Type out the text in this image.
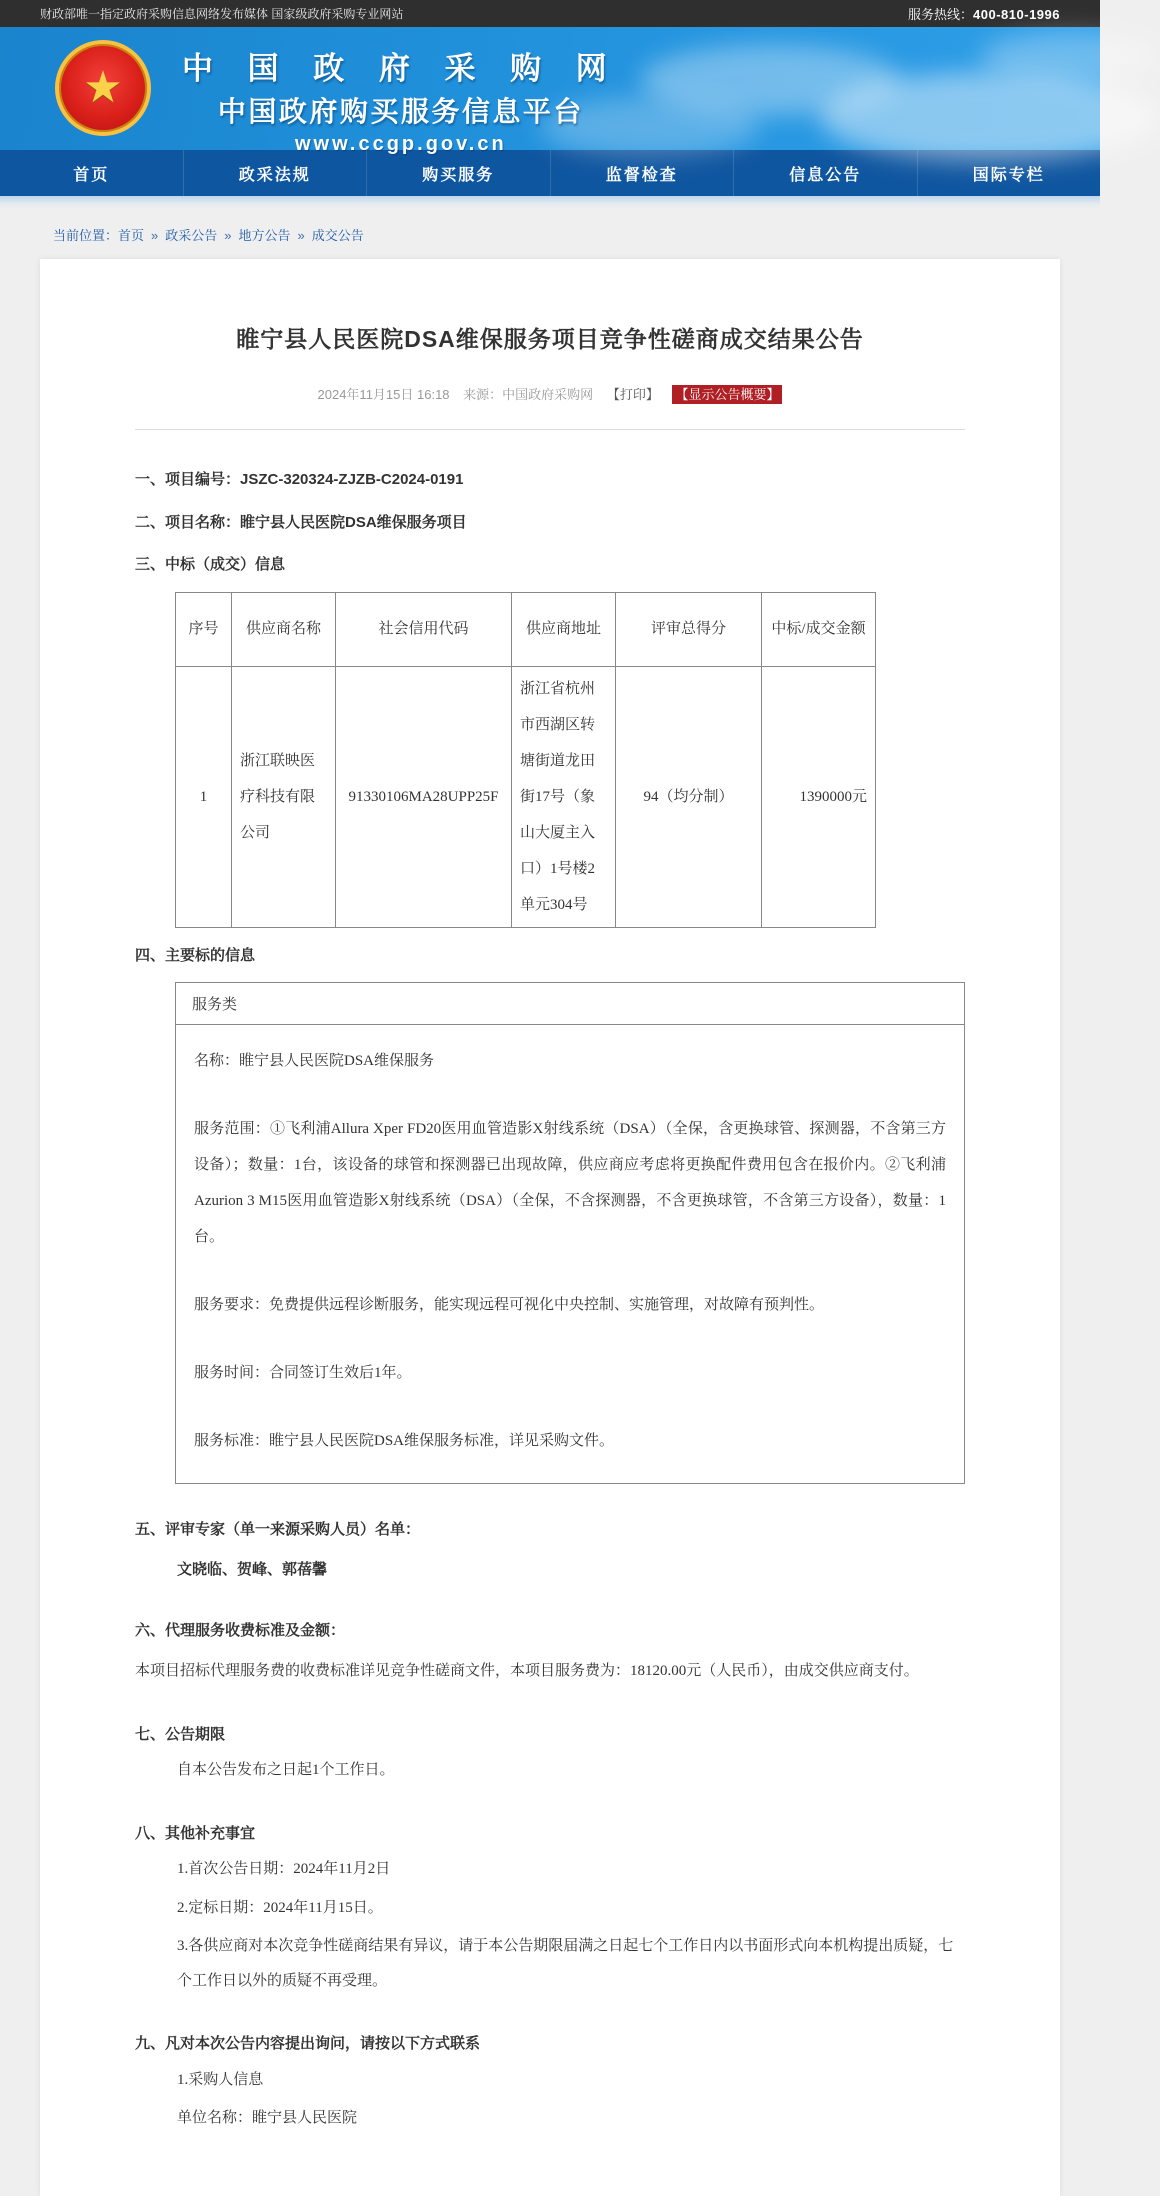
财政部唯一指定政府采购信息网络发布媒体 国家级政府采购专业网站	服务热线：400-810-1996
★ 中 国 政 府 采 购 网
中国政府购买服务信息平台
www.ccgp.gov.cn
首页	政采法规	购买服务	监督检查	信息公告	国际专栏
当前位置：首页 » 政采公告 » 地方公告 » 成交公告
睢宁县人民医院DSA维保服务项目竞争性磋商成交结果公告
2024年11月15日 16:18 来源：中国政府采购网 【打印】 【显示公告概要】

一、项目编号：JSZC-320324-ZJZB-C2024-0191

二、项目名称：睢宁县人民医院DSA维保服务项目

三、中标（成交）信息

序号	供应商名称	社会信用代码	供应商地址	评审总得分	中标/成交金额
1	浙江联映医疗科技有限公司	91330106MA28UPP25F	浙江省杭州市西湖区转塘街道龙田街17号（象山大厦主入口）1号楼2单元304号	94（均分制）	1390000元

四、主要标的信息

服务类

名称：睢宁县人民医院DSA维保服务

服务范围：①飞利浦Allura Xper FD20医用血管造影X射线系统（DSA）（全保，含更换球管、探测器，不含第三方设备）；数量：1台，该设备的球管和探测器已出现故障，供应商应考虑将更换配件费用包含在报价内。②飞利浦Azurion 3 M15医用血管造影X射线系统（DSA）（全保，不含探测器，不含更换球管，不含第三方设备），数量：1台。

服务要求：免费提供远程诊断服务，能实现远程可视化中央控制、实施管理，对故障有预判性。

服务时间：合同签订生效后1年。

服务标准：睢宁县人民医院DSA维保服务标准，详见采购文件。

五、评审专家（单一来源采购人员）名单：

文晓临、贺峰、郭蓓馨

六、代理服务收费标准及金额：

本项目招标代理服务费的收费标准详见竞争性磋商文件，本项目服务费为：18120.00元（人民币），由成交供应商支付。

七、公告期限

自本公告发布之日起1个工作日。

八、其他补充事宜

1.首次公告日期：2024年11月2日

2.定标日期：2024年11月15日。

3.各供应商对本次竞争性磋商结果有异议，请于本公告期限届满之日起七个工作日内以书面形式向本机构提出质疑，七个工作日以外的质疑不再受理。

九、凡对本次公告内容提出询问，请按以下方式联系

1.采购人信息

单位名称：睢宁县人民医院
